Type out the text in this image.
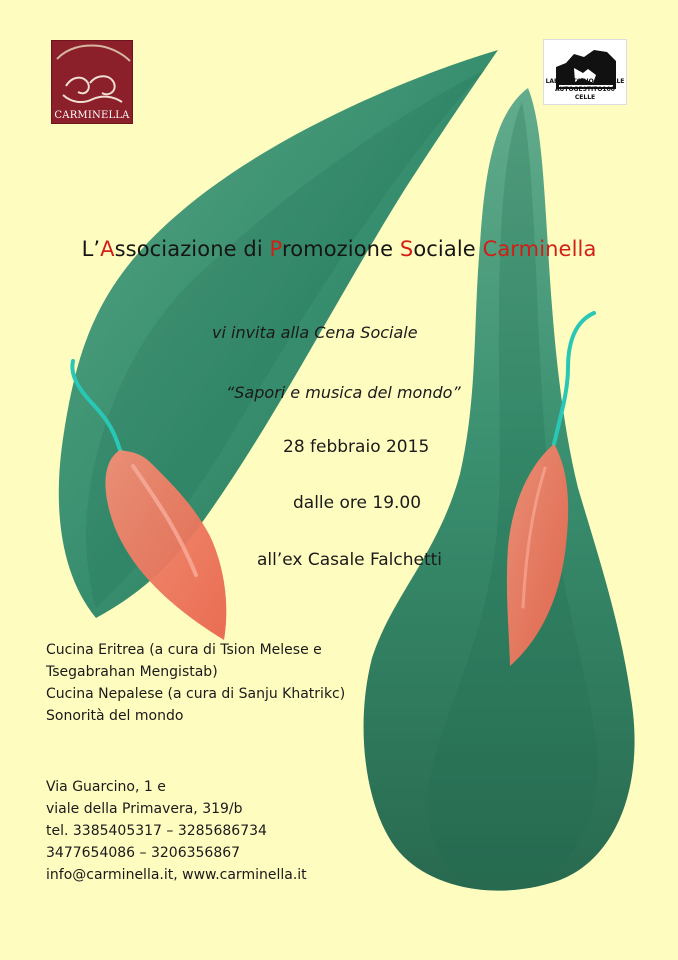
CARMINELLA
LABORATORIO SOCIALE
AUTOGESTITO100 CELLE
L’Associazione di Promozione Sociale Carminella
vi invita alla Cena Sociale
“Sapori e musica del mondo”
28 febbraio 2015
dalle ore 19.00
all’ex Casale Falchetti
Cucina Eritrea (a cura di Tsion Melese e
Tsegabrahan Mengistab)
Cucina Nepalese (a cura di Sanju Khatrikc)
Sonorità del mondo
Via Guarcino, 1 e
viale della Primavera, 319/b
tel. 3385405317 – 3285686734
3477654086 – 3206356867
info@carminella.it, www.carminella.it
